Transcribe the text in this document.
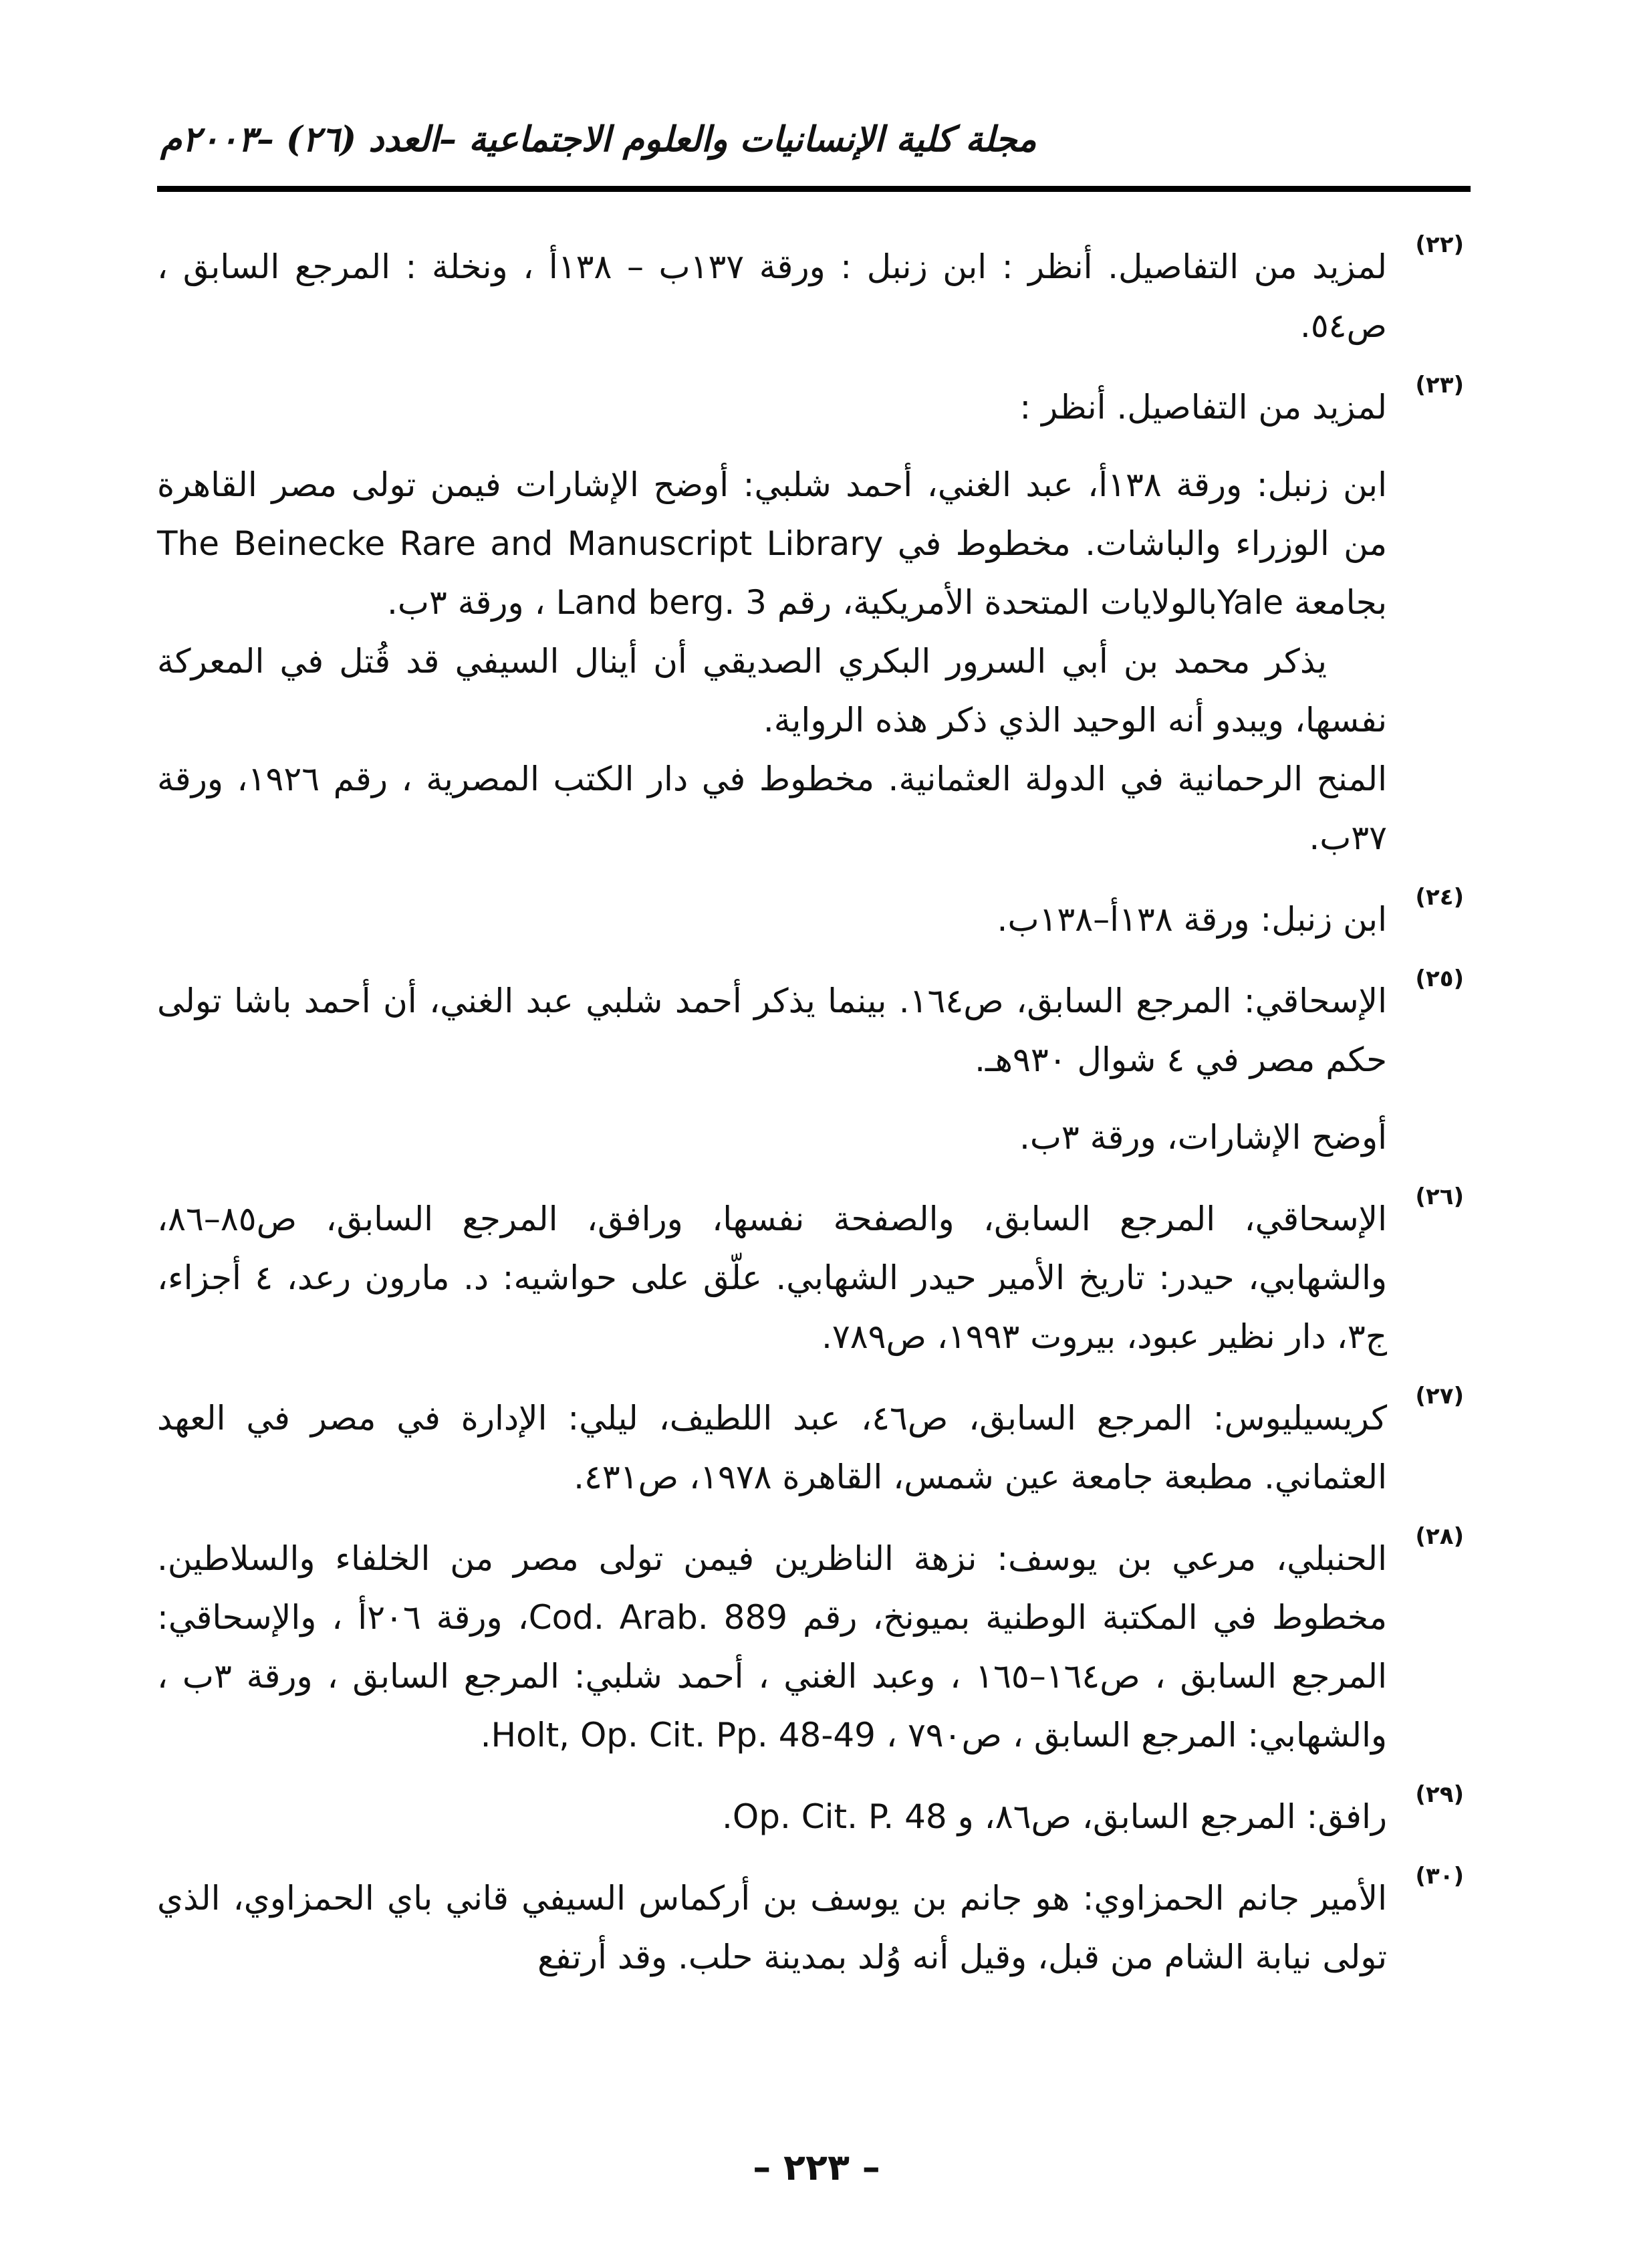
مجلة كلية الإنسانيات والعلوم الاجتماعية –العدد (٢٦) –٢٠٠٣م
(٢٢)

لمزيد من التفاصيل. أنظر : ابن زنبل : ورقة ١٣٧ب – ١٣٨أ ، ونخلة : المرجع السابق ، ص٥٤.

(٢٣)

لمزيد من التفاصيل. أنظر :

ابن زنبل: ورقة ١٣٨أ، عبد الغني، أحمد شلبي: أوضح الإشارات فيمن تولى مصر القاهرة من الوزراء والباشات. مخطوط في The Beinecke Rare and Manuscript Library بجامعة Yaleبالولايات المتحدة الأمريكية، رقم Land berg. 3 ، ورقة ٣ب.

يذكر محمد بن أبي السرور البكري الصديقي أن أينال السيفي قد قُتل في المعركة نفسها، ويبدو أنه الوحيد الذي ذكر هذه الرواية.

المنح الرحمانية في الدولة العثمانية. مخطوط في دار الكتب المصرية ، رقم ١٩٢٦، ورقة ٣٧ب.

(٢٤)

ابن زنبل: ورقة ١٣٨أ–١٣٨ب.

(٢٥)

الإسحاقي: المرجع السابق، ص١٦٤. بينما يذكر أحمد شلبي عبد الغني، أن أحمد باشا تولى حكم مصر في ٤ شوال ٩٣٠هـ.

أوضح الإشارات، ورقة ٣ب.

(٢٦)

الإسحاقي، المرجع السابق، والصفحة نفسها، ورافق، المرجع السابق، ص٨٥–٨٦، والشهابي، حيدر: تاريخ الأمير حيدر الشهابي. علّق على حواشيه: د. مارون رعد، ٤ أجزاء، ج٣، دار نظير عبود، بيروت ١٩٩٣، ص٧٨٩.

(٢٧)

كريسيليوس: المرجع السابق، ص٤٦، عبد اللطيف، ليلي: الإدارة في مصر في العهد العثماني. مطبعة جامعة عين شمس، القاهرة ١٩٧٨، ص٤٣١.

(٢٨)

الحنبلي، مرعي بن يوسف: نزهة الناظرين فيمن تولى مصر من الخلفاء والسلاطين. مخطوط في المكتبة الوطنية بميونخ، رقم Cod. Arab. 889، ورقة ٢٠٦أ ، والإسحاقي: المرجع السابق ، ص١٦٤–١٦٥ ، وعبد الغني ، أحمد شلبي: المرجع السابق ، ورقة ٣ب ، والشهابي: المرجع السابق ، ص٧٩٠ ، Holt, Op. Cit. Pp. 48-49.

(٢٩)

رافق: المرجع السابق، ص٨٦، و Op. Cit. P. 48.

(٣٠)

الأمير جانم الحمزاوي: هو جانم بن يوسف بن أركماس السيفي قاني باي الحمزاوي، الذي تولى نيابة الشام من قبل، وقيل أنه وُلد بمدينة حلب. وقد أرتفع

– ٢٢٣ –
